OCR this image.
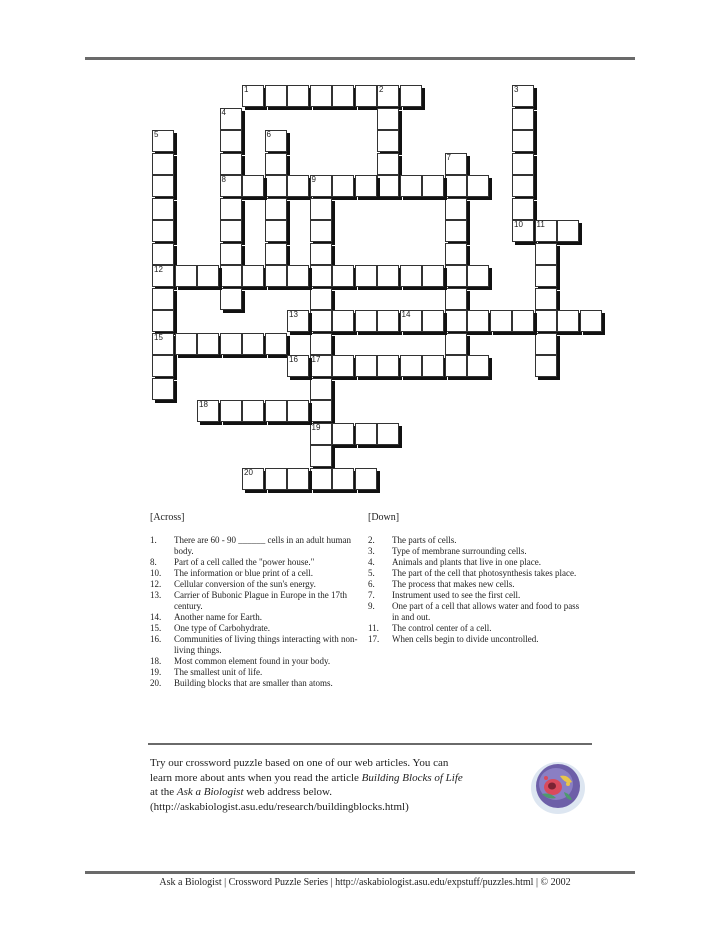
1	2	3
4
8
5
12
15
6
7
9
17
19
10 11
13	14
16
18
20
[Across]	[Down]
1. There are 60 - 90 ______ cells in an adult human body.
8. Part of a cell called the "power house."
10. The information or blue print of a cell.
12. Cellular conversion of the sun's energy.
13. Carrier of Bubonic Plague in Europe in the 17th century.
14. Another name for Earth.
15. One type of Carbohydrate.
16. Communities of living things interacting with non-living things.
18. Most common element found in your body.
19. The smallest unit of life.
20. Building blocks that are smaller than atoms.
2. The parts of cells.
3. Type of membrane surrounding cells.
4. Animals and plants that live in one place.
5. The part of the cell that photosynthesis takes place.
6. The process that makes new cells.
7. Instrument used to see the first cell.
9. One part of a cell that allows water and food to pass in and out.
11. The control center of a cell.
17. When cells begin to divide uncontrolled.
Try our crossword puzzle based on one of our web articles. You can
learn more about ants when you read the article Building Blocks of Life
at the Ask a Biologist web address below.
(http://askabiologist.asu.edu/research/buildingblocks.html)
Ask a Biologist | Crossword Puzzle Series | http://askabiologist.asu.edu/expstuff/puzzles.html | © 2002
